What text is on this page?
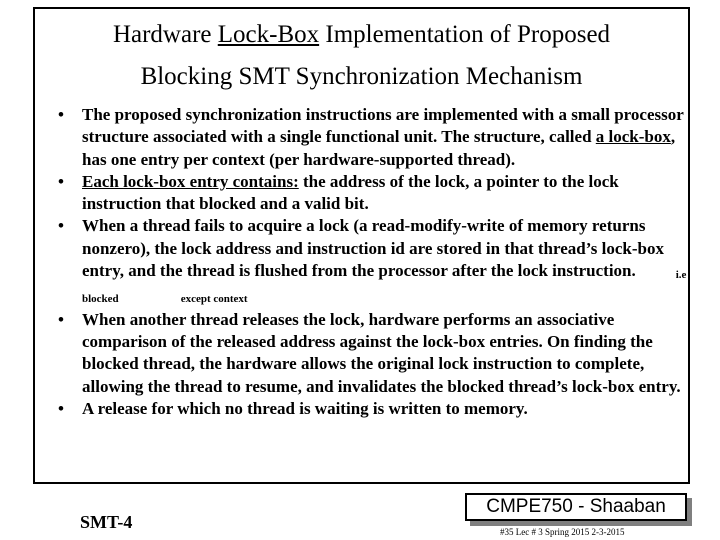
Hardware Lock-Box Implementation of Proposed
Blocking SMT Synchronization Mechanism
• The proposed synchronization instructions are implemented with a small processor structure associated with a single functional unit. The structure, called a lock-box, has one entry per context (per hardware-supported thread).
• Each lock-box entry contains: the address of the lock, a pointer to the lock instruction that blocked and a valid bit.
• When a thread fails to acquire a lock (a read-modify-write of memory returns nonzero), the lock address and instruction id are stored in that thread’s lock-box entry, and the thread is flushed from the processor after the lock instruction.	i.e blocked	except context
• When another thread releases the lock, hardware performs an associative comparison of the released address against the lock-box entries. On finding the blocked thread, the hardware allows the original lock instruction to complete, allowing the thread to resume, and invalidates the blocked thread’s lock-box entry.
• A release for which no thread is waiting is written to memory.
CMPE750 - Shaaban
SMT-4	#35 Lec # 3 Spring 2015 2-3-2015
